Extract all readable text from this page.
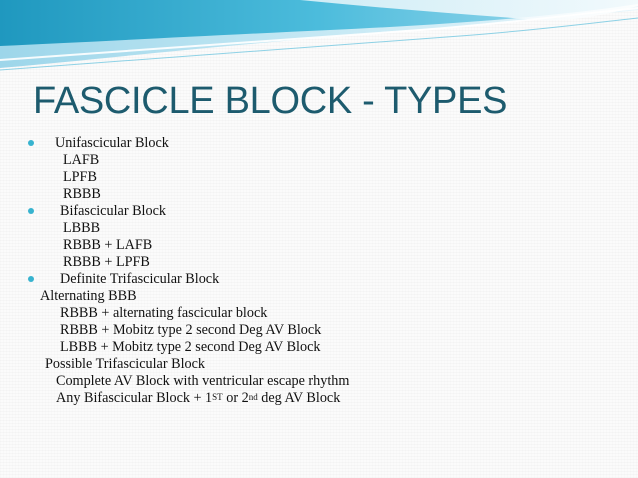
FASCICLE BLOCK - TYPES
Unifascicular Block
LAFB
LPFB
RBBB
Bifascicular Block
LBBB
RBBB + LAFB
RBBB + LPFB
Definite Trifascicular Block
Alternating BBB
RBBB + alternating fascicular block
RBBB + Mobitz type 2 second Deg AV Block
LBBB + Mobitz type 2 second Deg AV Block
Possible Trifascicular Block
Complete AV Block with ventricular escape rhythm
Any Bifascicular Block + 1ST or 2nd deg AV Block
